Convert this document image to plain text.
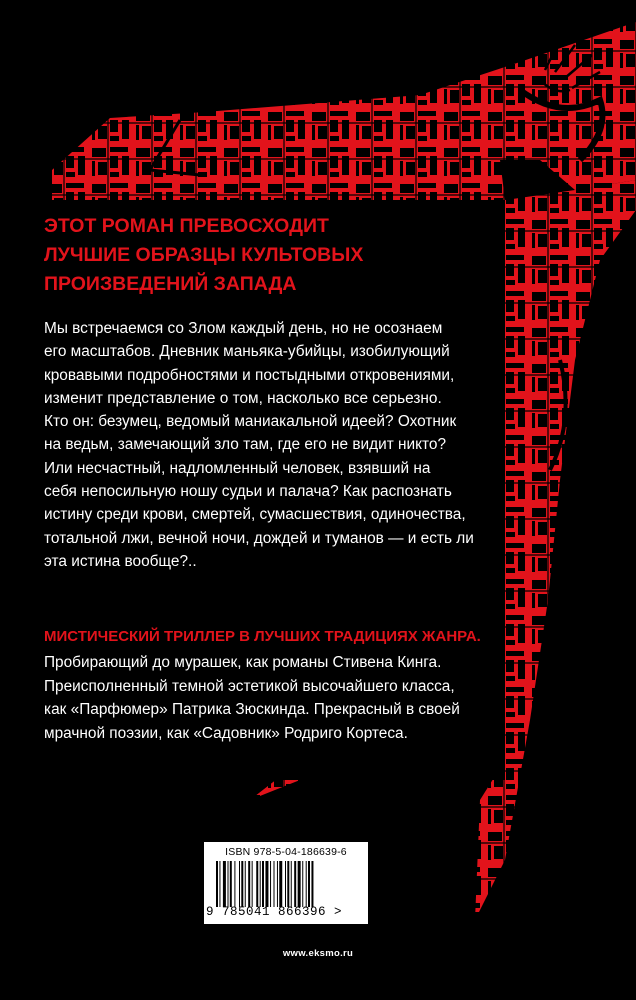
ЭТОТ РОМАН ПРЕВОСХОДИТ
ЛУЧШИЕ ОБРАЗЦЫ КУЛЬТОВЫХ
ПРОИЗВЕДЕНИЙ ЗАПАДА

Мы встречаемся со Злом каждый день, но не осознаем
его масштабов. Дневник маньяка-убийцы, изобилующий
кровавыми подробностями и постыдными откровениями,
изменит представление о том, насколько все серьезно.
Кто он: безумец, ведомый маниакальной идеей? Охотник
на ведьм, замечающий зло там, где его не видит никто?
Или несчастный, надломленный человек, взявший на
себя непосильную ношу судьи и палача? Как распознать
истину среди крови, смертей, сумасшествия, одиночества,
тотальной лжи, вечной ночи, дождей и туманов — и есть ли
эта истина вообще?..

МИСТИЧЕСКИЙ ТРИЛЛЕР В ЛУЧШИХ ТРАДИЦИЯХ ЖАНРА.

Пробирающий до мурашек, как романы Стивена Кинга.
Преисполненный темной эстетикой высочайшего класса,
как «Парфюмер» Патрика Зюскинда. Прекрасный в своей
мрачной поэзии, как «Садовник» Родриго Кортеса.

ISBN 978-5-04-186639-6
9 785041 866396 >
www.eksmo.ru
